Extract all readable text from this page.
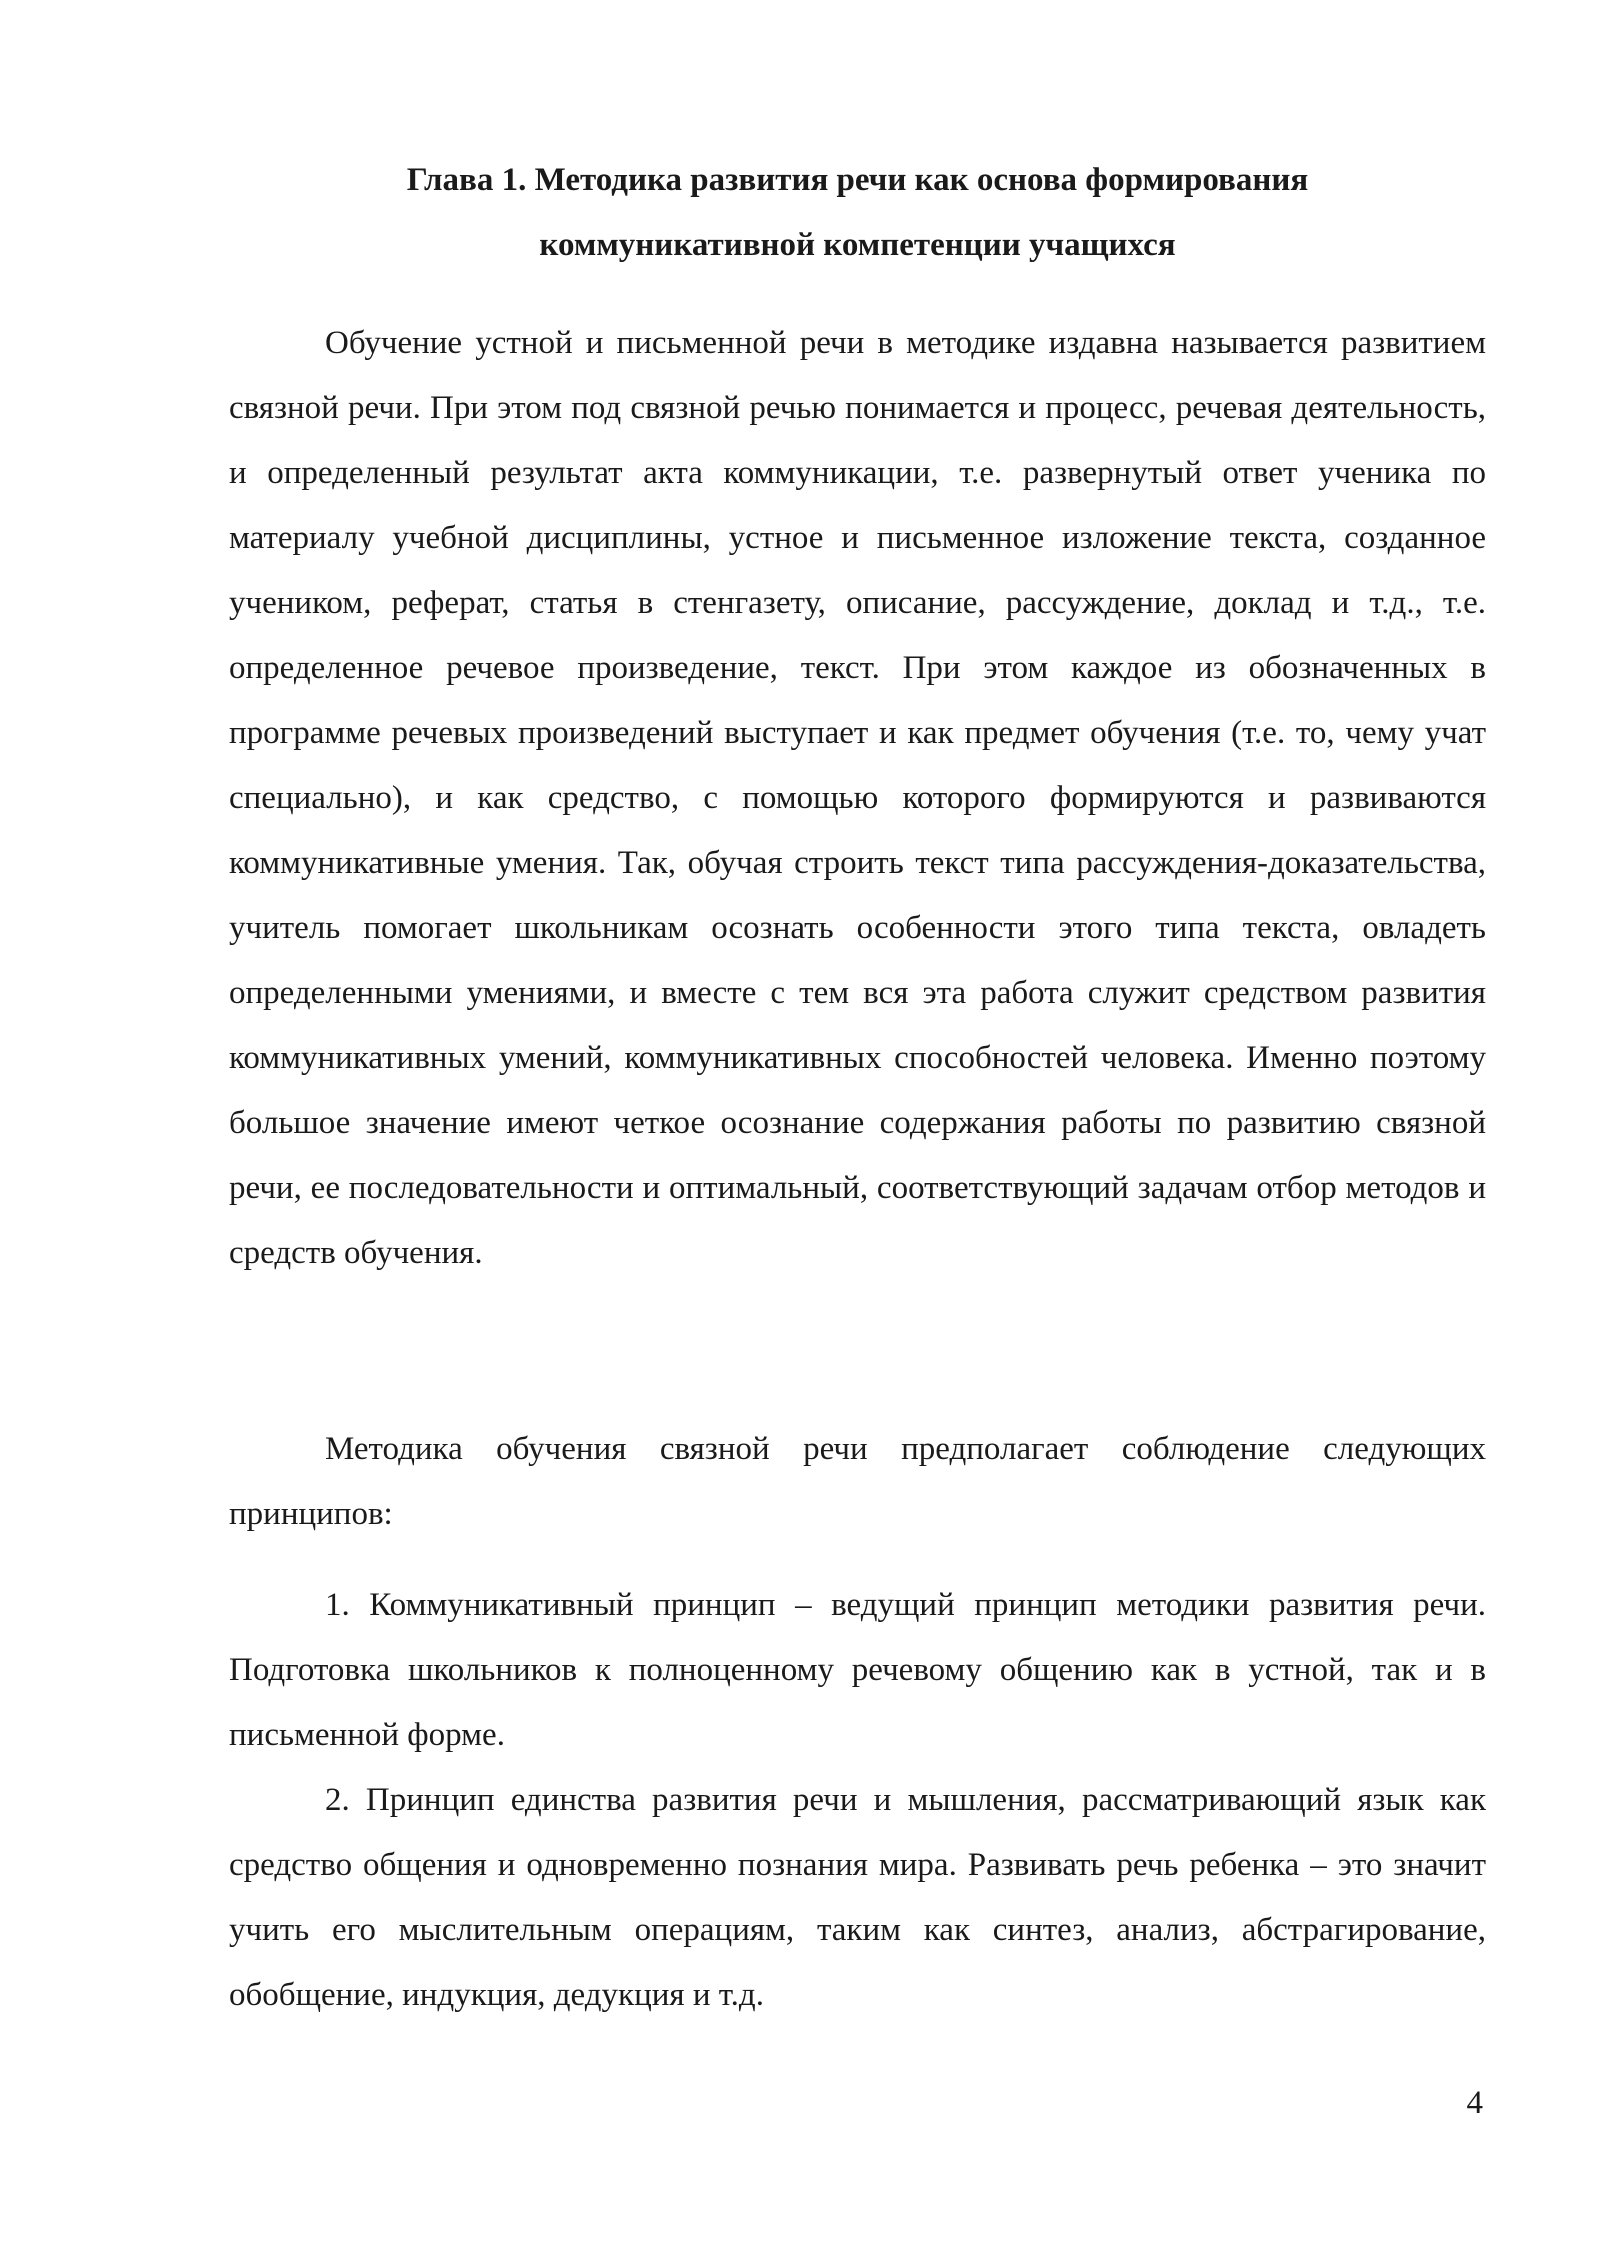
Глава 1. Методика развития речи как основа формирования
коммуникативной компетенции учащихся

Обучение устной и письменной речи в методике издавна называется развитием связной речи. При этом под связной речью понимается и процесс, речевая деятельность, и определенный результат акта коммуникации, т.е. развернутый ответ ученика по материалу учебной дисциплины, устное и письменное изложение текста, созданное учеником, реферат, статья в стенгазету, описание, рассуждение, доклад и т.д., т.е. определенное речевое произведение, текст. При этом каждое из обозначенных в программе речевых произведений выступает и как предмет обучения (т.е. то, чему учат специально), и как средство, с помощью которого формируются и развиваются коммуникативные умения. Так, обучая строить текст типа рассуждения-доказательства, учитель помогает школьникам осознать особенности этого типа текста, овладеть определенными умениями, и вместе с тем вся эта работа служит средством развития коммуникативных умений, коммуникативных способностей человека. Именно поэтому большое значение имеют четкое осознание содержания работы по развитию связной речи, ее последовательности и оптимальный, соответствующий задачам отбор методов и средств обучения.

Методика обучения связной речи предполагает соблюдение следующих принципов:

1. Коммуникативный принцип – ведущий принцип методики развития речи. Подготовка школьников к полноценному речевому общению как в устной, так и в письменной форме.

2. Принцип единства развития речи и мышления, рассматривающий язык как средство общения и одновременно познания мира. Развивать речь ребенка – это значит учить его мыслительным операциям, таким как синтез, анализ, абстрагирование, обобщение, индукция, дедукция и т.д.

4
